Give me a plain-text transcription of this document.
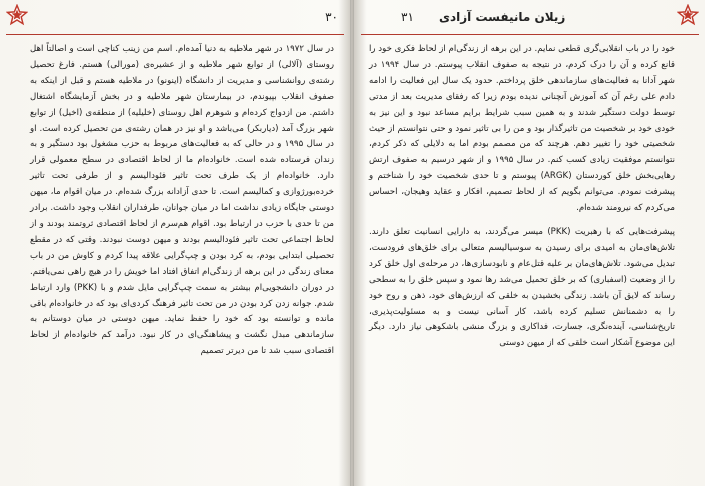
۳۰

در سال ۱۹۷۲ در شهر ملاطیه به دنیا آمده‌ام. اسم من زینب کناچی است و اصالتاً اهل روستای (آلالی) از توابع شهر ملاطیه و از عشیره‌ی (مورالی) هستم. فارغ تحصیل رشته‌ی روانشناسی و مدیریت از دانشگاه (اینونو) در ملاطیه هستم و قبل از اینکه به صفوف انقلاب بپیوندم، در بیمارستان شهر ملاطیه و در بخش آزمایشگاه اشتغال داشتم. من ازدواج کرده‌ام و شوهرم اهل روستای (خلیلیه) از منطقه‌ی (اخیل) از توابع شهر بزرگ آمد (دیاربکر) می‌باشد و او نیز در همان رشته‌ی من تحصیل کرده است. او در سال ۱۹۹۵ و در حالی که به فعالیت‌های مربوط به حزب مشغول بود دستگیر و به زندان فرستاده شده است. خانواده‌ام ما از لحاظ اقتصادی در سطح معمولی قرار دارد. خانواده‌ام از یک طرف تحت تاثیر فئودالیسم و از طرفی تحت تاثیر خرده‌بورژوازی و کمالیسم است. تا حدی آزادانه بزرگ شده‌ام. در میان اقوام ما، میهن دوستی جایگاه زیادی نداشت اما در میان جوانان، طرفداران انقلاب وجود داشت. برادر من تا حدی با حزب در ارتباط بود. اقوام هم‌سرم از لحاظ اقتصادی ثروتمند بودند و از لحاظ اجتماعی تحت تاثیر فئودالیسم بودند و میهن دوست نبودند. وقتی که در مقطع تحصیلی ابتدایی بودم، به کرد بودن و چپ‌گرایی علاقه پیدا کردم و کاوش من در باب معنای زندگی در این برهه از زندگی‌ام اتفاق افتاد اما خویش را در هیچ راهی نمی‌یافتم. در دوران دانشجویی‌ام بیشتر به سمت چپ‌گرایی مایل شدم و با (PKK) وارد ارتباط شدم. جوانه زدن کرد بودن در من تحت تاثیر فرهنگ کردی‌ای بود که در خانواده‌ام باقی مانده و توانسته بود که خود را حفظ نماید. میهن دوستی در میان دوستانم به سازماندهی مبدل نگشت و پیشاهنگی‌ای در کار نبود. درآمد کم خانواده‌ام از لحاظ اقتصادی سبب شد تا من دیرتر تصمیم

۳۱ زیلان مانیفست آزادی

خود را در باب انقلابی‌گری قطعی نمایم. در این برهه از زندگی‌ام از لحاظ فکری خود را قانع کرده و آن را درک کردم، در نتیجه به صفوف انقلاب پیوستم. در سال ۱۹۹۴ در شهر آدانا به فعالیت‌های سازماندهی خلق پرداختم. حدود یک سال این فعالیت را ادامه دادم علی رغم آن که آموزش آنچنانی ندیده بودم زیرا که رفقای مدیریت بعد از مدتی توسط دولت دستگیر شدند و به همین سبب شرایط برایم مساعد نبود و این نیز به خودی خود بر شخصیت من تاثیرگذار بود و من را بی تاثیر نمود و حتی نتوانستم از حیث شخصیتی خود را تغییر دهم. هرچند که من مصمم بودم اما به دلایلی که ذکر کردم، نتوانستم موفقیت زیادی کسب کنم. در سال ۱۹۹۵ و از شهر درسیم به صفوف ارتش رهایی‌بخش خلق کوردستان (ARGK) پیوستم و تا حدی شخصیت خود را شناختم و پیشرفت نمودم. می‌توانم بگویم که از لحاظ تصمیم، افکار و عقاید وهیجان، احساس می‌کردم که نیرومند شده‌ام.

پیشرفت‌هایی که با رهبریت (PKK) میسر می‌گردند، به دارایی انسانیت تعلق دارند. تلاش‌های‌مان به امیدی برای رسیدن به سوسیالیسم متعالی برای خلق‌های فرودست، تبدیل می‌شود. تلاش‌های‌مان بر علیه قتل‌عام و نابودسازی‌ها، در مرحله‌ی اول خلق کرد را از وضعیت (اسفباری) که بر خلق تحمیل می‌شد رها نمود و سپس خلق را به سطحی رساند که لایق آن باشد. زندگی بخشیدن به خلقی که ارزش‌های خود، ذهن و روح خود را به دشمنانش تسلیم کرده باشد، کار آسانی نیست و به مسئولیت‌پذیری، تاریخ‌شناسی، آینده‌نگری، جسارت، فداکاری و بزرگ منشی باشکوهی نیاز دارد. دیگر این موضوع آشکار است خلقی که از میهن دوستی
